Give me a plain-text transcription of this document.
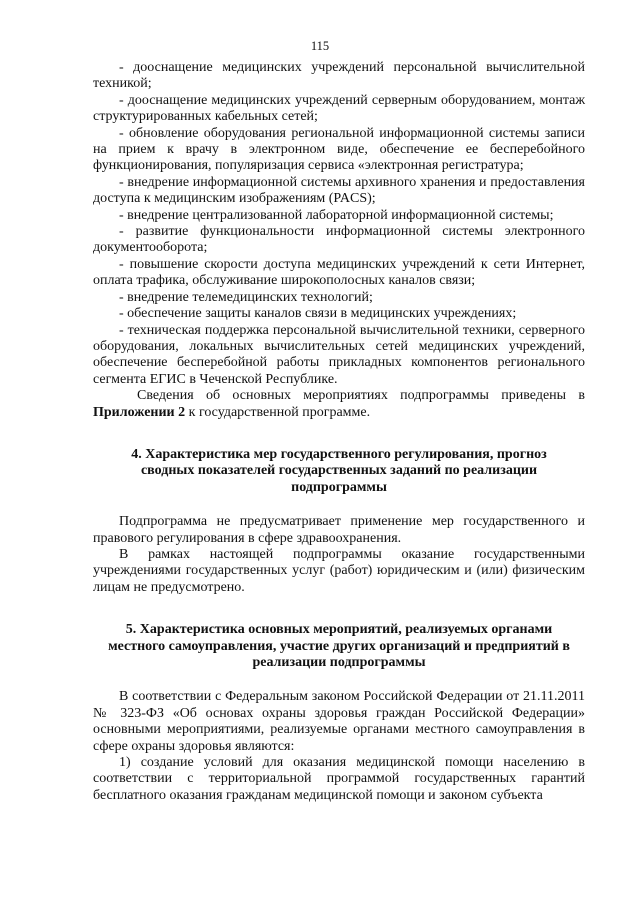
115

- дооснащение медицинских учреждений персональной вычислительной техникой;

- дооснащение медицинских учреждений серверным оборудованием, монтаж структурированных кабельных сетей;

- обновление оборудования региональной информационной системы записи на прием к врачу в электронном виде, обеспечение ее бесперебойного функционирования, популяризация сервиса «электронная регистратура;

- внедрение информационной системы архивного хранения и предоставления доступа к медицинским изображениям (PACS);

- внедрение централизованной лабораторной информационной системы;

- развитие функциональности информационной системы электронного документооборота;

- повышение скорости доступа медицинских учреждений к сети Интернет, оплата трафика, обслуживание широкополосных каналов связи;

- внедрение телемедицинских технологий;

- обеспечение защиты каналов связи в медицинских учреждениях;

- техническая поддержка персональной вычислительной техники, серверного оборудования, локальных вычислительных сетей медицинских учреждений, обеспечение бесперебойной работы прикладных компонентов регионального сегмента ЕГИС в Чеченской Республике.

Сведения об основных мероприятиях подпрограммы приведены в Приложении 2 к государственной программе.

4. Характеристика мер государственного регулирования, прогноз сводных показателей государственных заданий по реализации подпрограммы

Подпрограмма не предусматривает применение мер государственного и правового регулирования в сфере здравоохранения.

В рамках настоящей подпрограммы оказание государственными учреждениями государственных услуг (работ) юридическим и (или) физическим лицам не предусмотрено.

5. Характеристика основных мероприятий, реализуемых органами местного самоуправления, участие других организаций и предприятий в реализации подпрограммы

В соответствии с Федеральным законом Российской Федерации от 21.11.2011 № 323-ФЗ «Об основах охраны здоровья граждан Российской Федерации» основными мероприятиями, реализуемые органами местного самоуправления в сфере охраны здоровья являются:

1) создание условий для оказания медицинской помощи населению в соответствии с территориальной программой государственных гарантий бесплатного оказания гражданам медицинской помощи и законом субъекта
